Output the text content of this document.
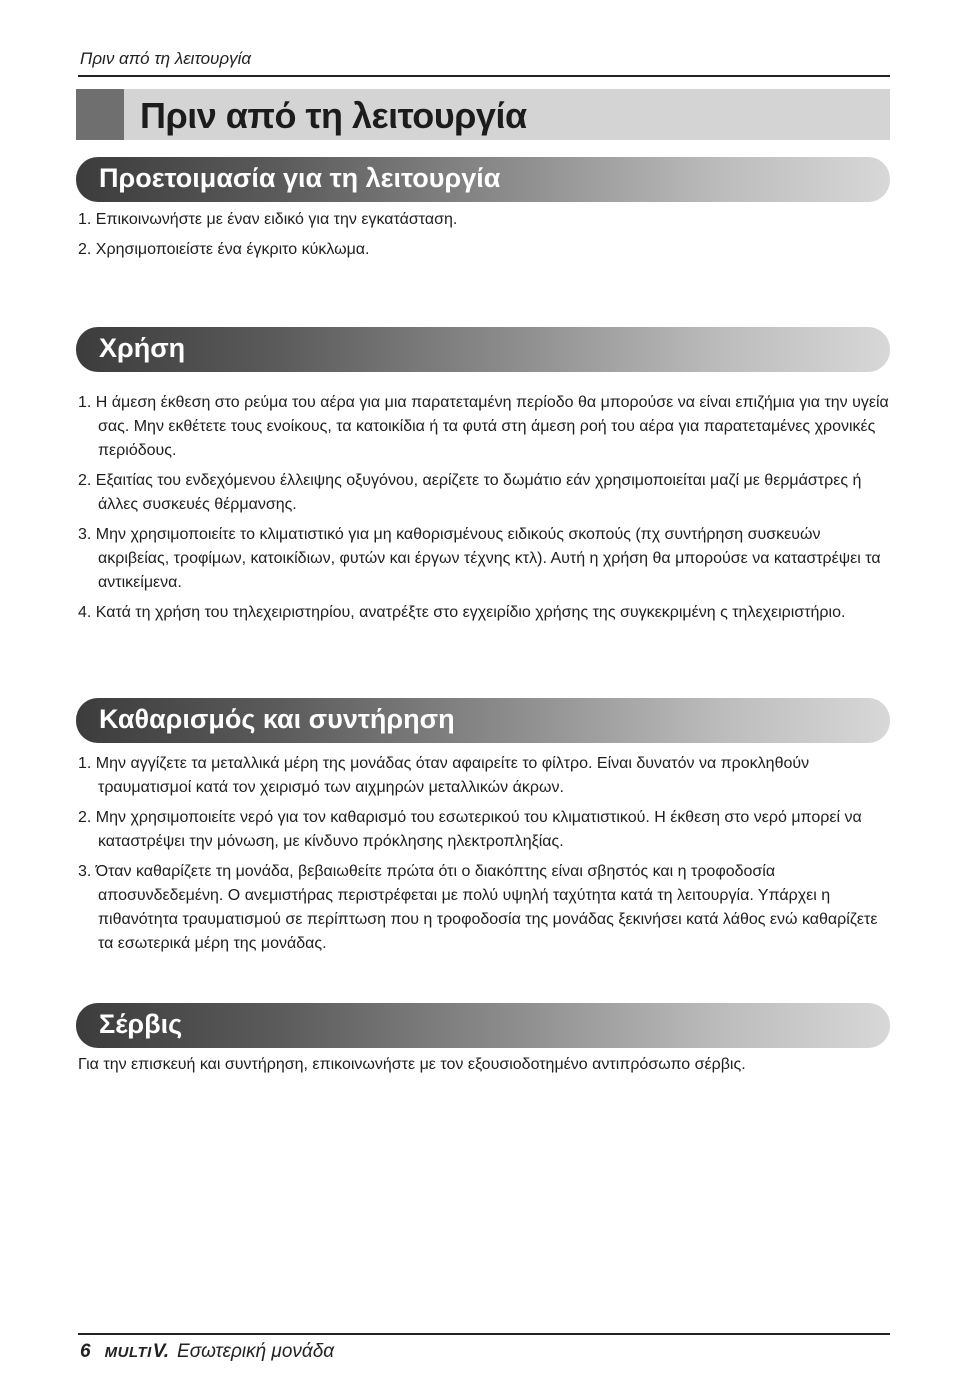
Πριν από τη λειτουργία
Πριν από τη λειτουργία
Προετοιμασία για τη λειτουργία
1. Επικοινωνήστε με έναν ειδικό για την εγκατάσταση.
2. Χρησιμοποιείστε ένα έγκριτο κύκλωμα.
Χρήση
1. Η άμεση έκθεση στο ρεύμα του αέρα για μια παρατεταμένη περίοδο θα μπορούσε να είναι επιζήμια για την υγεία σας. Μην εκθέτετε τους ενοίκους, τα κατοικίδια ή τα φυτά στη άμεση ροή του αέρα για παρατεταμένες χρονικές περιόδους.
2. Εξαιτίας του ενδεχόμενου έλλειψης οξυγόνου, αερίζετε το δωμάτιο εάν χρησιμοποιείται μαζί με θερμάστρες ή άλλες συσκευές θέρμανσης.
3. Μην χρησιμοποιείτε το κλιματιστικό για μη καθορισμένους ειδικούς σκοπούς (πχ συντήρηση συσκευών ακριβείας, τροφίμων, κατοικίδιων, φυτών και έργων τέχνης κτλ). Αυτή η χρήση θα μπορούσε να καταστρέψει τα αντικείμενα.
4. Κατά τη χρήση του τηλεχειριστηρίου, ανατρέξτε στο εγχειρίδιο χρήσης της συγκεκριμένη ς τηλεχειριστήριο.
Καθαρισμός και συντήρηση
1. Μην αγγίζετε τα μεταλλικά μέρη της μονάδας όταν αφαιρείτε το φίλτρο. Είναι δυνατόν να προκληθούν τραυματισμοί κατά τον χειρισμό των αιχμηρών μεταλλικών άκρων.
2. Μην χρησιμοποιείτε νερό για τον καθαρισμό του εσωτερικού του κλιματιστικού. Η έκθεση στο νερό μπορεί να καταστρέψει την μόνωση, με κίνδυνο πρόκλησης ηλεκτροπληξίας.
3. Όταν καθαρίζετε τη μονάδα, βεβαιωθείτε πρώτα ότι ο διακόπτης είναι σβηστός και η τροφοδοσία αποσυνδεδεμένη. Ο ανεμιστήρας περιστρέφεται με πολύ υψηλή ταχύτητα κατά τη λειτουργία. Υπάρχει η πιθανότητα τραυματισμού σε περίπτωση που η τροφοδοσία της μονάδας ξεκινήσει κατά λάθος ενώ καθαρίζετε τα εσωτερικά μέρη της μονάδας.
Σέρβις

Για την επισκευή και συντήρηση, επικοινωνήστε με τον εξουσιοδοτημένο αντιπρόσωπο σέρβις.

6 MULTI V. Εσωτερική μονάδα
